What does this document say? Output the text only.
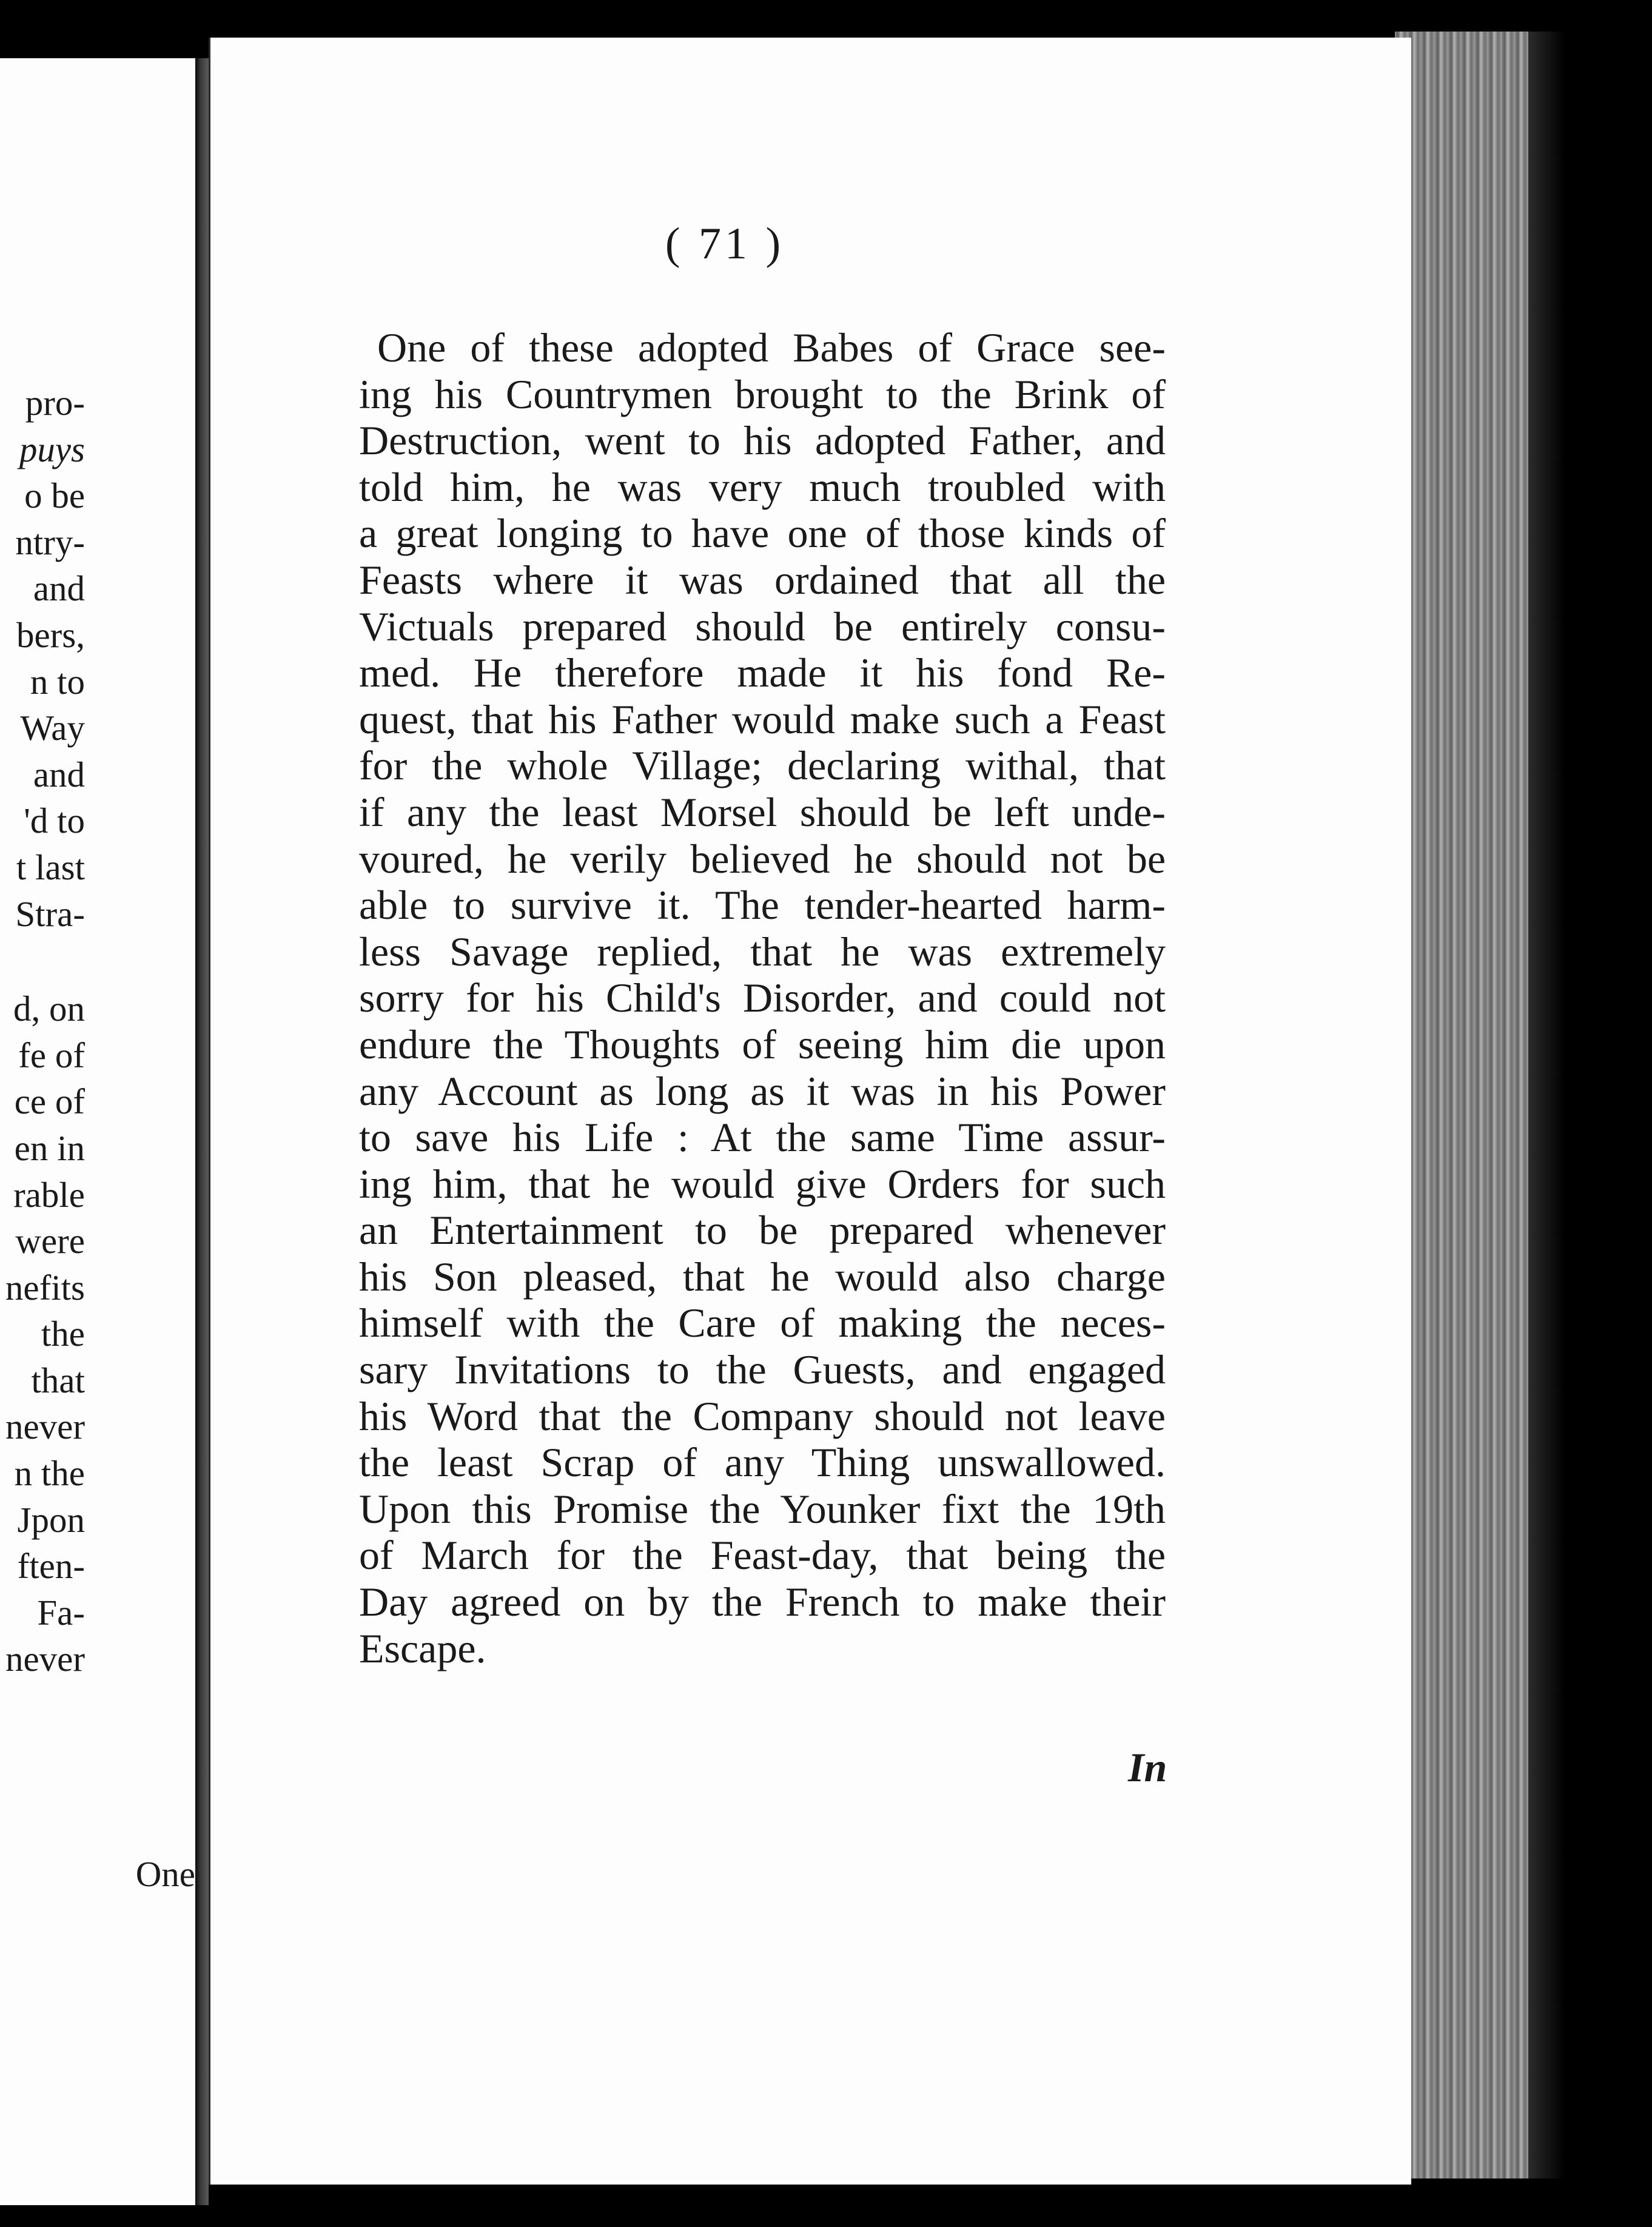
pro-
puys
o be
ntry-
and
bers,
n to
Way
and
'd to
t last
Stra-
d, on
fe of
ce of
en in
rable
were
nefits
the
that
never
n the
Jpon
ften-
Fa-
never
One
( 71 )
One of these adopted Babes of Grace see-
ing his Countrymen brought to the Brink of
Destruction, went to his adopted Father, and
told him, he was very much troubled with
a great longing to have one of those kinds of
Feasts where it was ordained that all the
Victuals prepared should be entirely consu-
med. He therefore made it his fond Re-
quest, that his Father would make such a Feast
for the whole Village; declaring withal, that
if any the least Morsel should be left unde-
voured, he verily believed he should not be
able to survive it. The tender-hearted harm-
less Savage replied, that he was extremely
sorry for his Child's Disorder, and could not
endure the Thoughts of seeing him die upon
any Account as long as it was in his Power
to save his Life : At the same Time assur-
ing him, that he would give Orders for such
an Entertainment to be prepared whenever
his Son pleased, that he would also charge
himself with the Care of making the neces-
sary Invitations to the Guests, and engaged
his Word that the Company should not leave
the least Scrap of any Thing unswallowed.
Upon this Promise the Younker fixt the 19th
of March for the Feast-day, that being the
Day agreed on by the French to make their
Escape.
In
